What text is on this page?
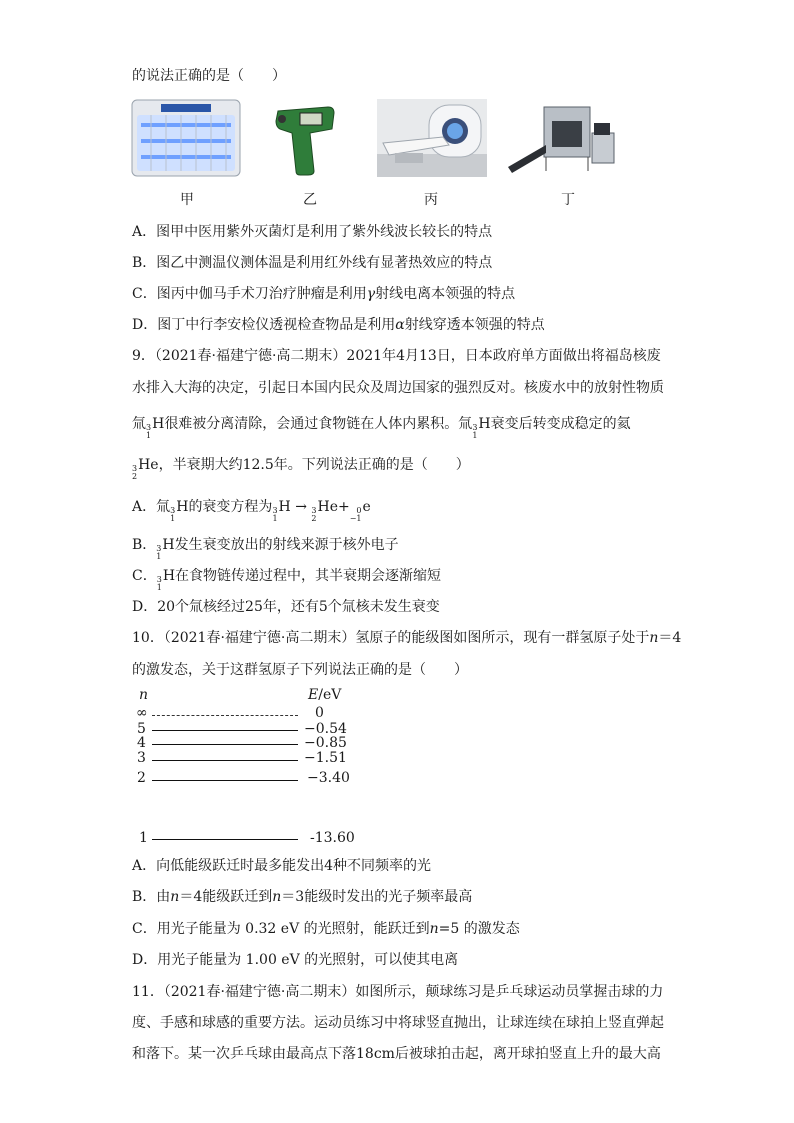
的说法正确的是（　　）
甲	乙	丙	丁
A．图甲中医用紫外灭菌灯是利用了紫外线波长较长的特点
B．图乙中测温仪测体温是利用红外线有显著热效应的特点
C．图丙中伽马手术刀治疗肿瘤是利用γ射线电离本领强的特点
D．图丁中行李安检仪透视检查物品是利用α射线穿透本领强的特点
9．（2021春·福建宁德·高二期末）2021年4月13日，日本政府单方面做出将福岛核废
水排入大海的决定，引起日本国内民众及周边国家的强烈反对。核废水中的放射性物质
氚 3
1
H很难被分离清除，会通过食物链在人体内累积。氚 3
1
H衰变后转变成稳定的氦
3
2
He，半衰期大约12.5年。下列说法正确的是（　　）
A．氚 3
1
H的衰变方程为 3
1
H → 3
2
He+ 0
−1
e
B． 3
1
H发生衰变放出的射线来源于核外电子
C． 3
1
H在食物链传递过程中，其半衰期会逐渐缩短
D．20个氚核经过25年，还有5个氚核未发生衰变
10．（2021春·福建宁德·高二期末）氢原子的能级图如图所示，现有一群氢原子处于n＝4
的激发态，关于这群氢原子下列说法正确的是（　　）
n	E/eV
∞	0
5	−0.54
4	−0.85
3	−1.51
2	−3.40
1	-13.60
A．向低能级跃迁时最多能发出4种不同频率的光
B．由n＝4能级跃迁到n＝3能级时发出的光子频率最高
C．用光子能量为 0.32 eV 的光照射，能跃迁到n=5 的激发态
D．用光子能量为 1.00 eV 的光照射，可以使其电离
11．（2021春·福建宁德·高二期末）如图所示，颠球练习是乒乓球运动员掌握击球的力
度、手感和球感的重要方法。运动员练习中将球竖直抛出，让球连续在球拍上竖直弹起
和落下。某一次乒乓球由最高点下落18cm后被球拍击起，离开球拍竖直上升的最大高
